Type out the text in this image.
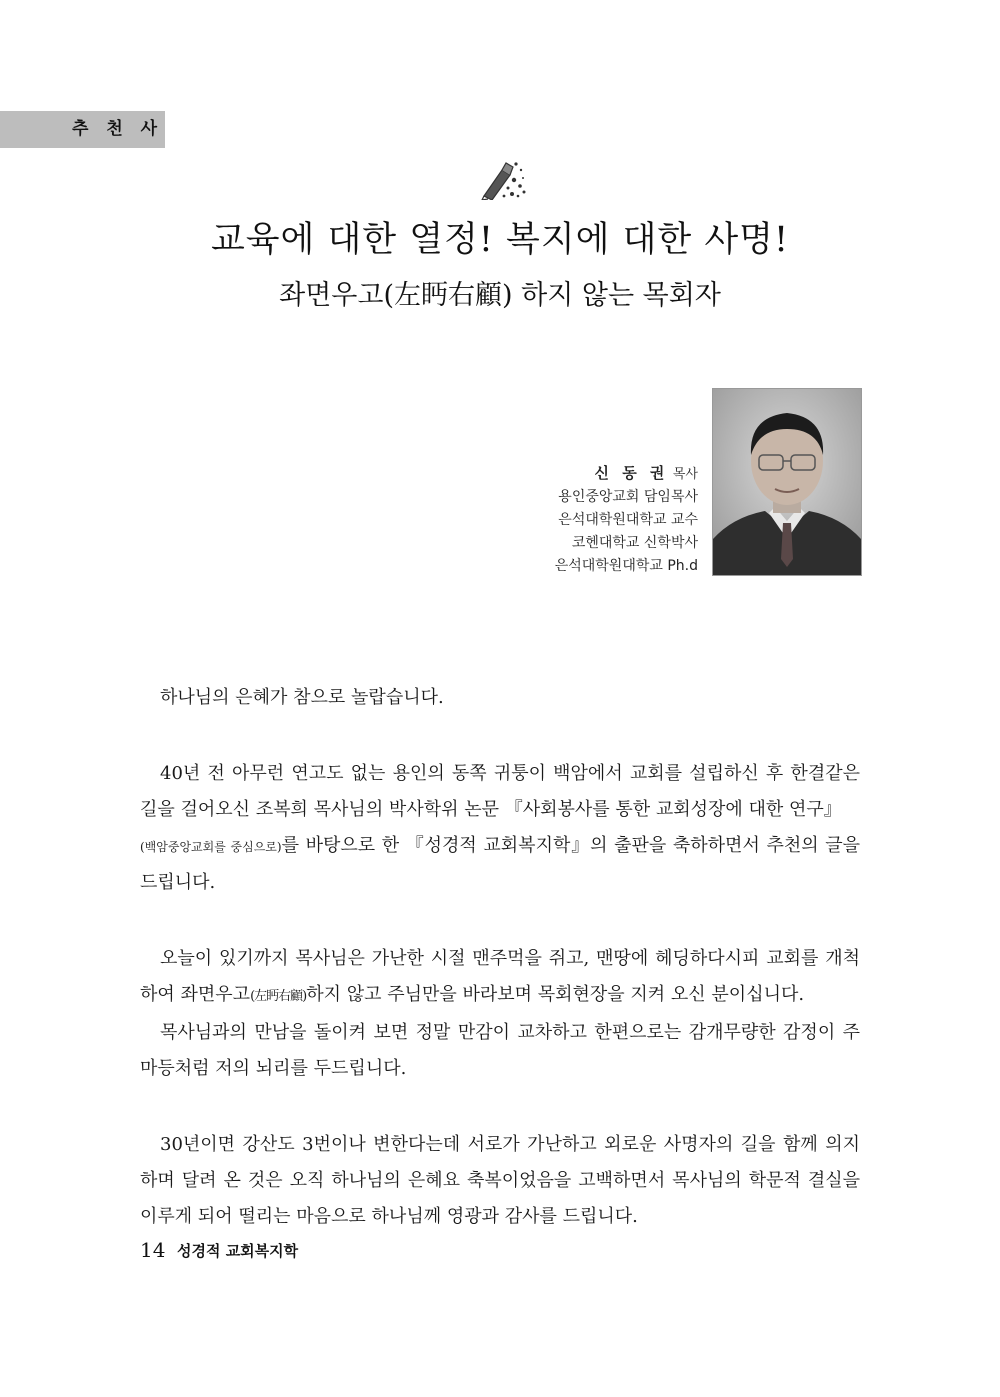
추 천 사
교육에 대한 열정! 복지에 대한 사명!
좌면우고(左眄右顧) 하지 않는 목회자
신 동 권 목사
용인중앙교회 담임목사
은석대학원대학교 교수
코헨대학교 신학박사
은석대학원대학교 Ph.d

하나님의 은혜가 참으로 놀랍습니다.

40년 전 아무런 연고도 없는 용인의 동쪽 귀퉁이 백암에서 교회를 설립하신 후 한결같은 길을 걸어오신 조복희 목사님의 박사학위 논문 『사회봉사를 통한 교회성장에 대한 연구』
(백암중앙교회를 중심으로)를 바탕으로 한 『성경적 교회복지학』의 출판을 축하하면서 추천의 글을 드립니다.

오늘이 있기까지 목사님은 가난한 시절 맨주먹을 쥐고, 맨땅에 헤딩하다시피 교회를 개척하여 좌면우고(左眄右顧)하지 않고 주님만을 바라보며 목회현장을 지켜 오신 분이십니다.

목사님과의 만남을 돌이켜 보면 정말 만감이 교차하고 한편으로는 감개무량한 감정이 주마등처럼 저의 뇌리를 두드립니다.

30년이면 강산도 3번이나 변한다는데 서로가 가난하고 외로운 사명자의 길을 함께 의지하며 달려 온 것은 오직 하나님의 은혜요 축복이었음을 고백하면서 목사님의 학문적 결실을 이루게 되어 떨리는 마음으로 하나님께 영광과 감사를 드립니다.

14 성경적 교회복지학
